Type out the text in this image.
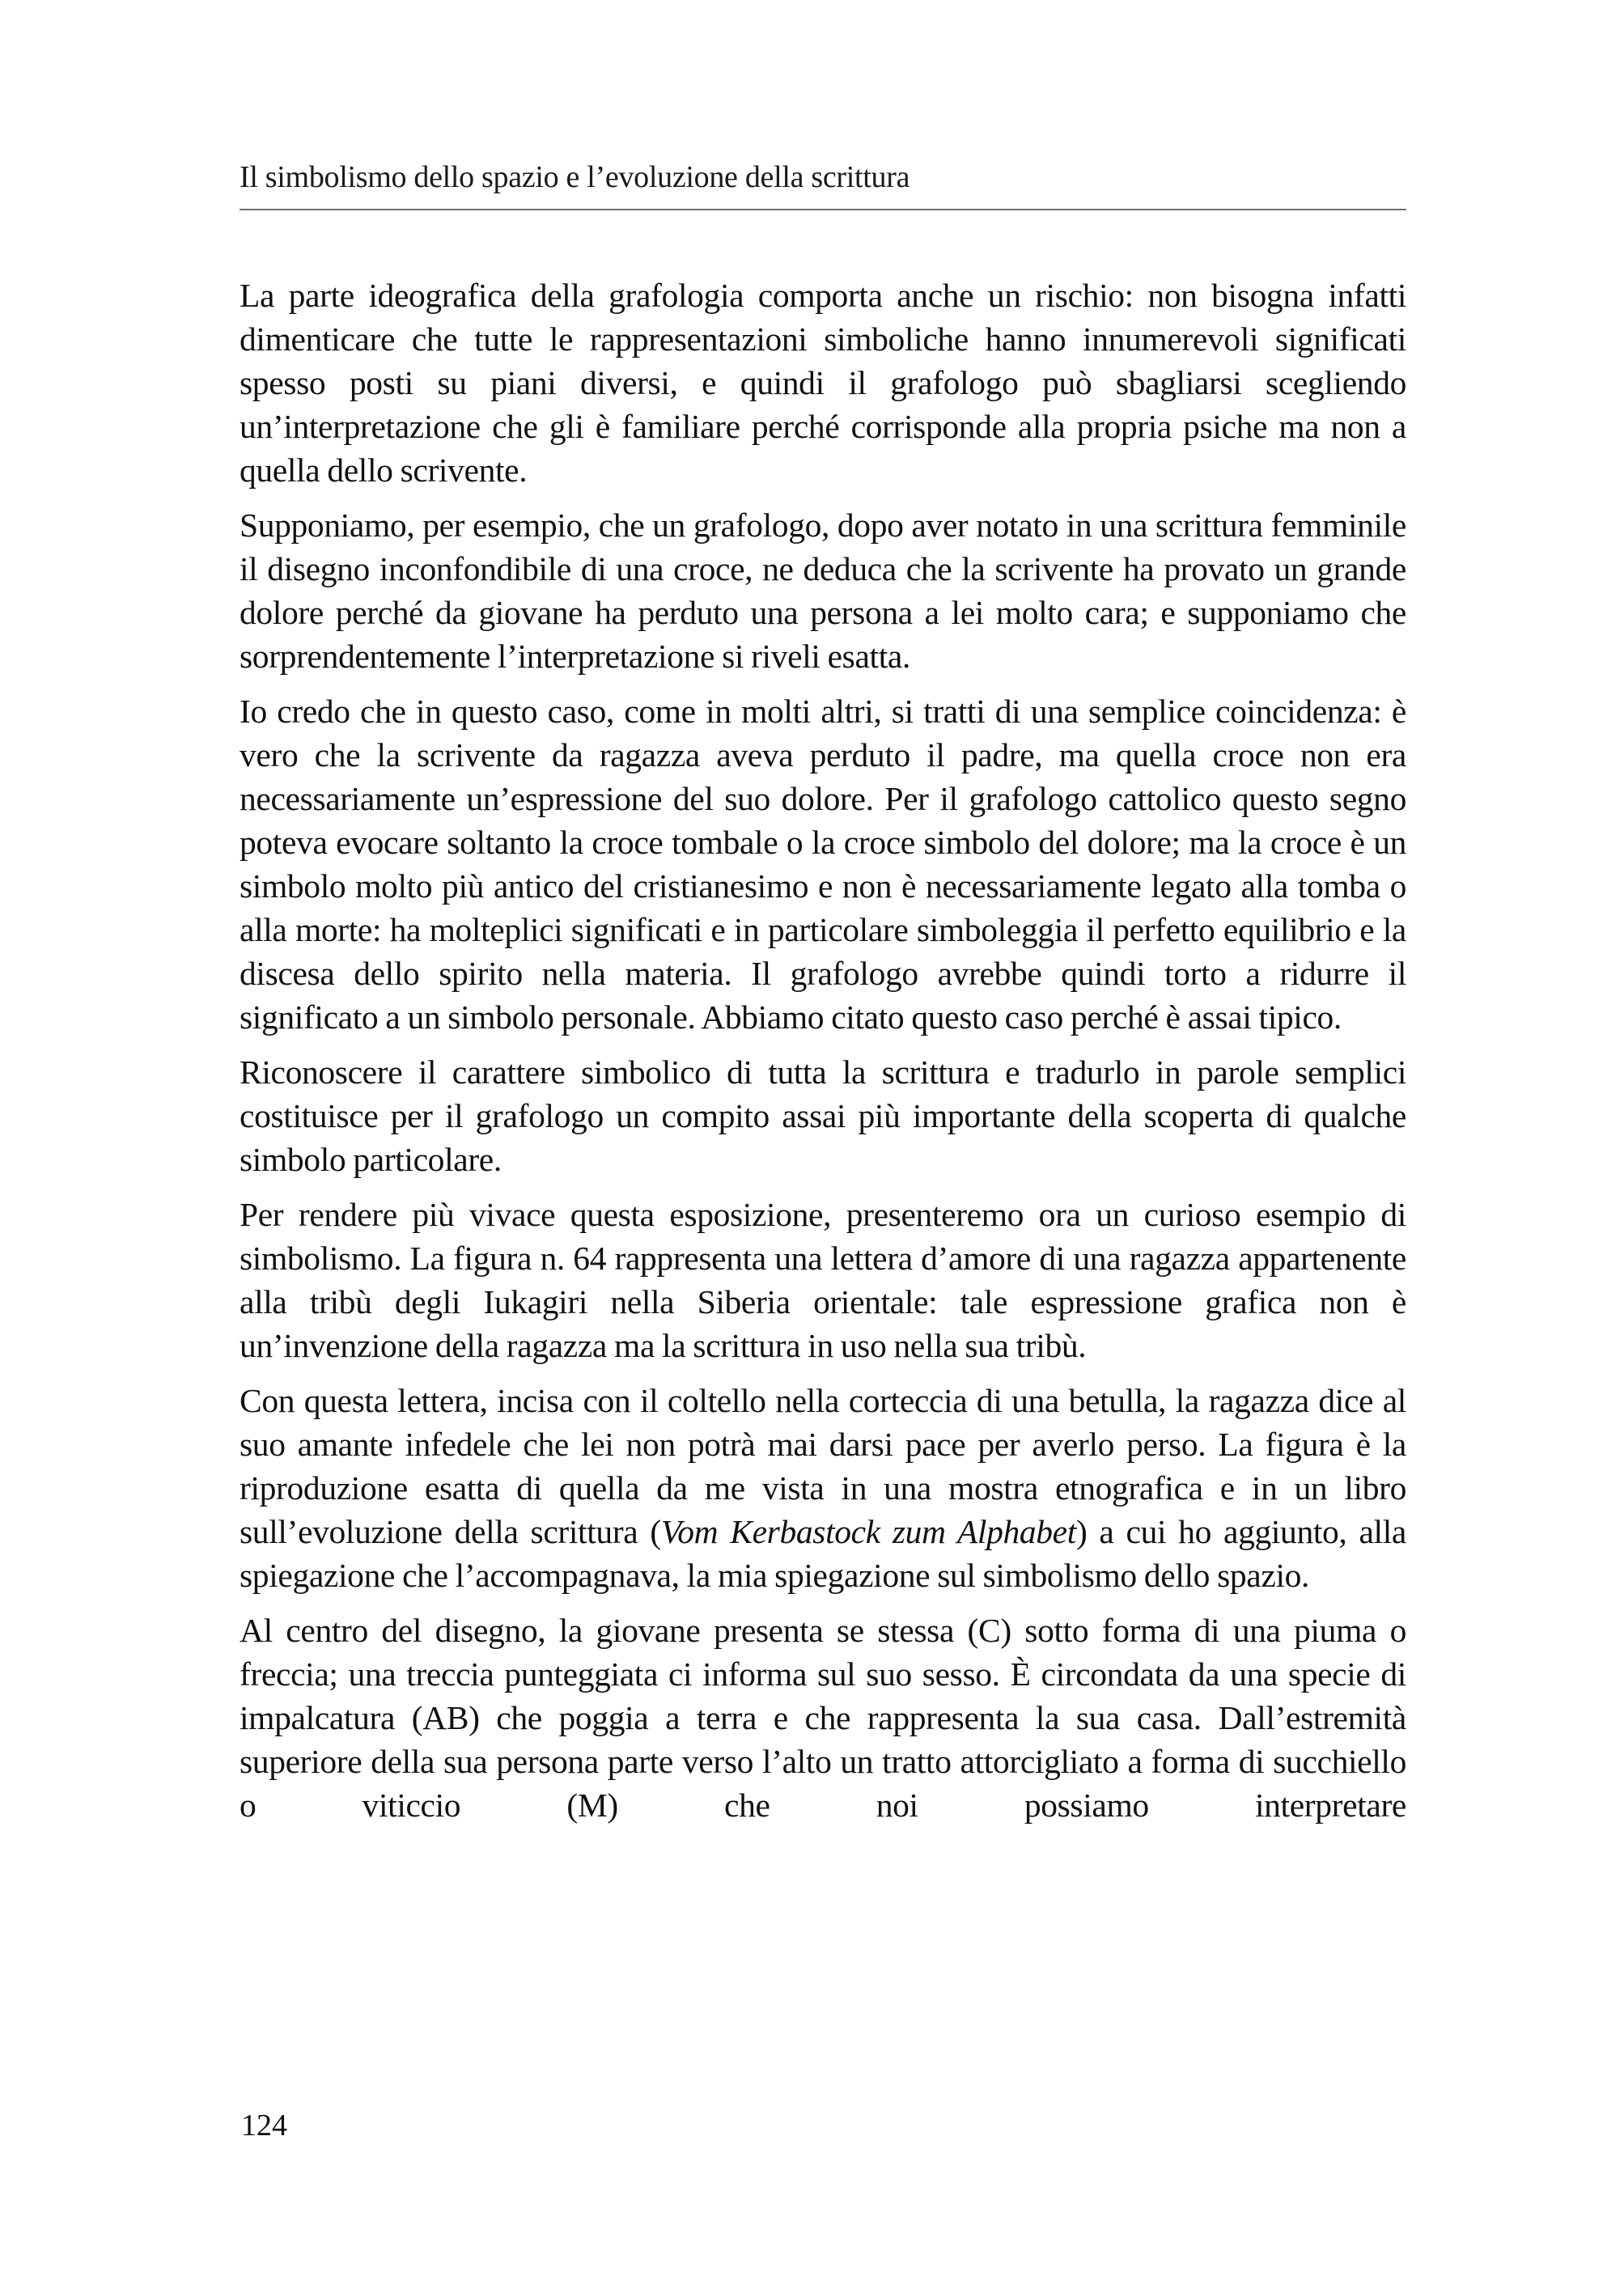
Il simbolismo dello spazio e l’evoluzione della scrittura

La parte ideografica della grafologia comporta anche un rischio: non bisogna infatti dimenticare che tutte le rappresentazioni simboliche hanno innumerevoli significati spesso posti su piani diversi, e quindi il grafologo può sbagliarsi scegliendo un’interpretazione che gli è familiare perché corrisponde alla propria psiche ma non a quella dello scrivente.

Supponiamo, per esempio, che un grafologo, dopo aver notato in una scrittura femminile il disegno inconfondibile di una croce, ne deduca che la scrivente ha provato un grande dolore perché da giovane ha perduto una persona a lei molto cara; e supponiamo che sorprendentemente l’interpretazione si riveli esatta.

Io credo che in questo caso, come in molti altri, si tratti di una semplice coincidenza: è vero che la scrivente da ragazza aveva perduto il padre, ma quella croce non era necessariamente un’espressione del suo dolore. Per il grafologo cattolico questo segno poteva evocare soltanto la croce tombale o la croce simbolo del dolore; ma la croce è un simbolo molto più antico del cristianesimo e non è necessariamente legato alla tomba o alla morte: ha molteplici significati e in particolare simboleggia il perfetto equilibrio e la discesa dello spirito nella materia. Il grafologo avrebbe quindi torto a ridurre il significato a un simbolo personale. Abbiamo citato questo caso perché è assai tipico.

Riconoscere il carattere simbolico di tutta la scrittura e tradurlo in parole semplici costituisce per il grafologo un compito assai più importante della scoperta di qualche simbolo particolare.

Per rendere più vivace questa esposizione, presenteremo ora un curioso esempio di simbolismo. La figura n. 64 rappresenta una lettera d’amore di una ragazza appartenente alla tribù degli Iukagiri nella Siberia orientale: tale espressione grafica non è un’invenzione della ragazza ma la scrittura in uso nella sua tribù.

Con questa lettera, incisa con il coltello nella corteccia di una betulla, la ragazza dice al suo amante infedele che lei non potrà mai darsi pace per averlo perso. La figura è la riproduzione esatta di quella da me vista in una mostra etnografica e in un libro sull’evoluzione della scrittura (Vom Kerbastock zum Alphabet) a cui ho aggiunto, alla spiegazione che l’accompagnava, la mia spiegazione sul simbolismo dello spazio.

Al centro del disegno, la giovane presenta se stessa (C) sotto forma di una piuma o freccia; una treccia punteggiata ci informa sul suo sesso. È circondata da una specie di impalcatura (AB) che poggia a terra e che rappresenta la sua casa. Dall’estremità superiore della sua persona parte verso l’alto un tratto attorcigliato a forma di succhiello o viticcio (M) che noi possiamo interpretare

124
